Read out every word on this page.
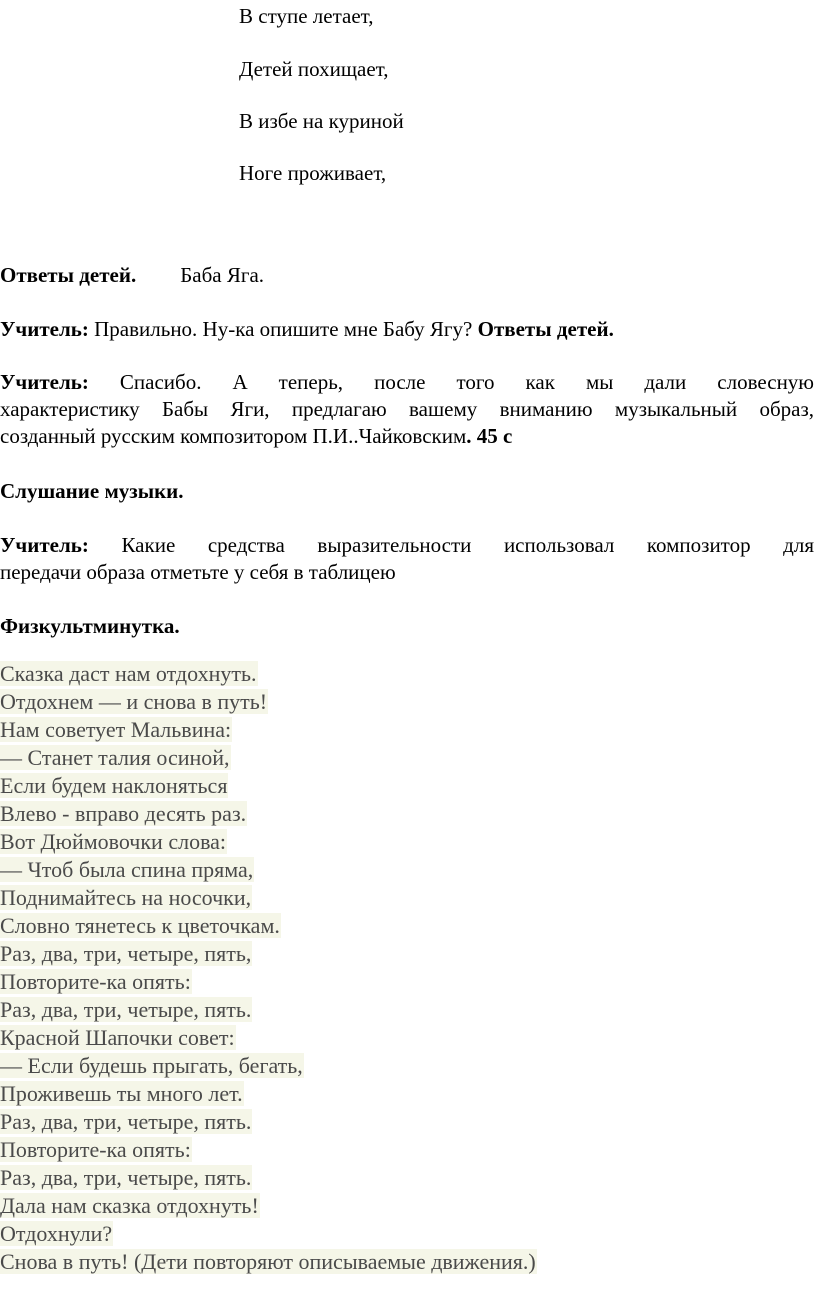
В ступе летает,
Детей похищает,
В избе на куриной
Ноге проживает,
Ответы детей. Баба Яга.
Учитель: Правильно. Ну-ка опишите мне Бабу Ягу? Ответы детей.
Учитель: Спасибо. А теперь, после того как мы дали словесную
характеристику Бабы Яги, предлагаю вашему вниманию музыкальный образ,
созданный русским композитором П.И..Чайковским. 45 с
Слушание музыки.
Учитель: Какие средства выразительности использовал композитор для
передачи образа отметьте у себя в таблицею
Физкультминутка.
Сказка даст нам отдохнуть.
Отдохнем — и снова в путь!
Нам советует Мальвина:
— Станет талия осиной,
Если будем наклоняться
Влево - вправо десять раз.
Вот Дюймовочки слова:
— Чтоб была спина пряма,
Поднимайтесь на носочки,
Словно тянетесь к цветочкам.
Раз, два, три, четыре, пять,
Повторите-ка опять:
Раз, два, три, четыре, пять.
Красной Шапочки совет:
— Если будешь прыгать, бегать,
Проживешь ты много лет.
Раз, два, три, четыре, пять.
Повторите-ка опять:
Раз, два, три, четыре, пять.
Дала нам сказка отдохнуть!
Отдохнули?
Снова в путь! (Дети повторяют описываемые движения.)
